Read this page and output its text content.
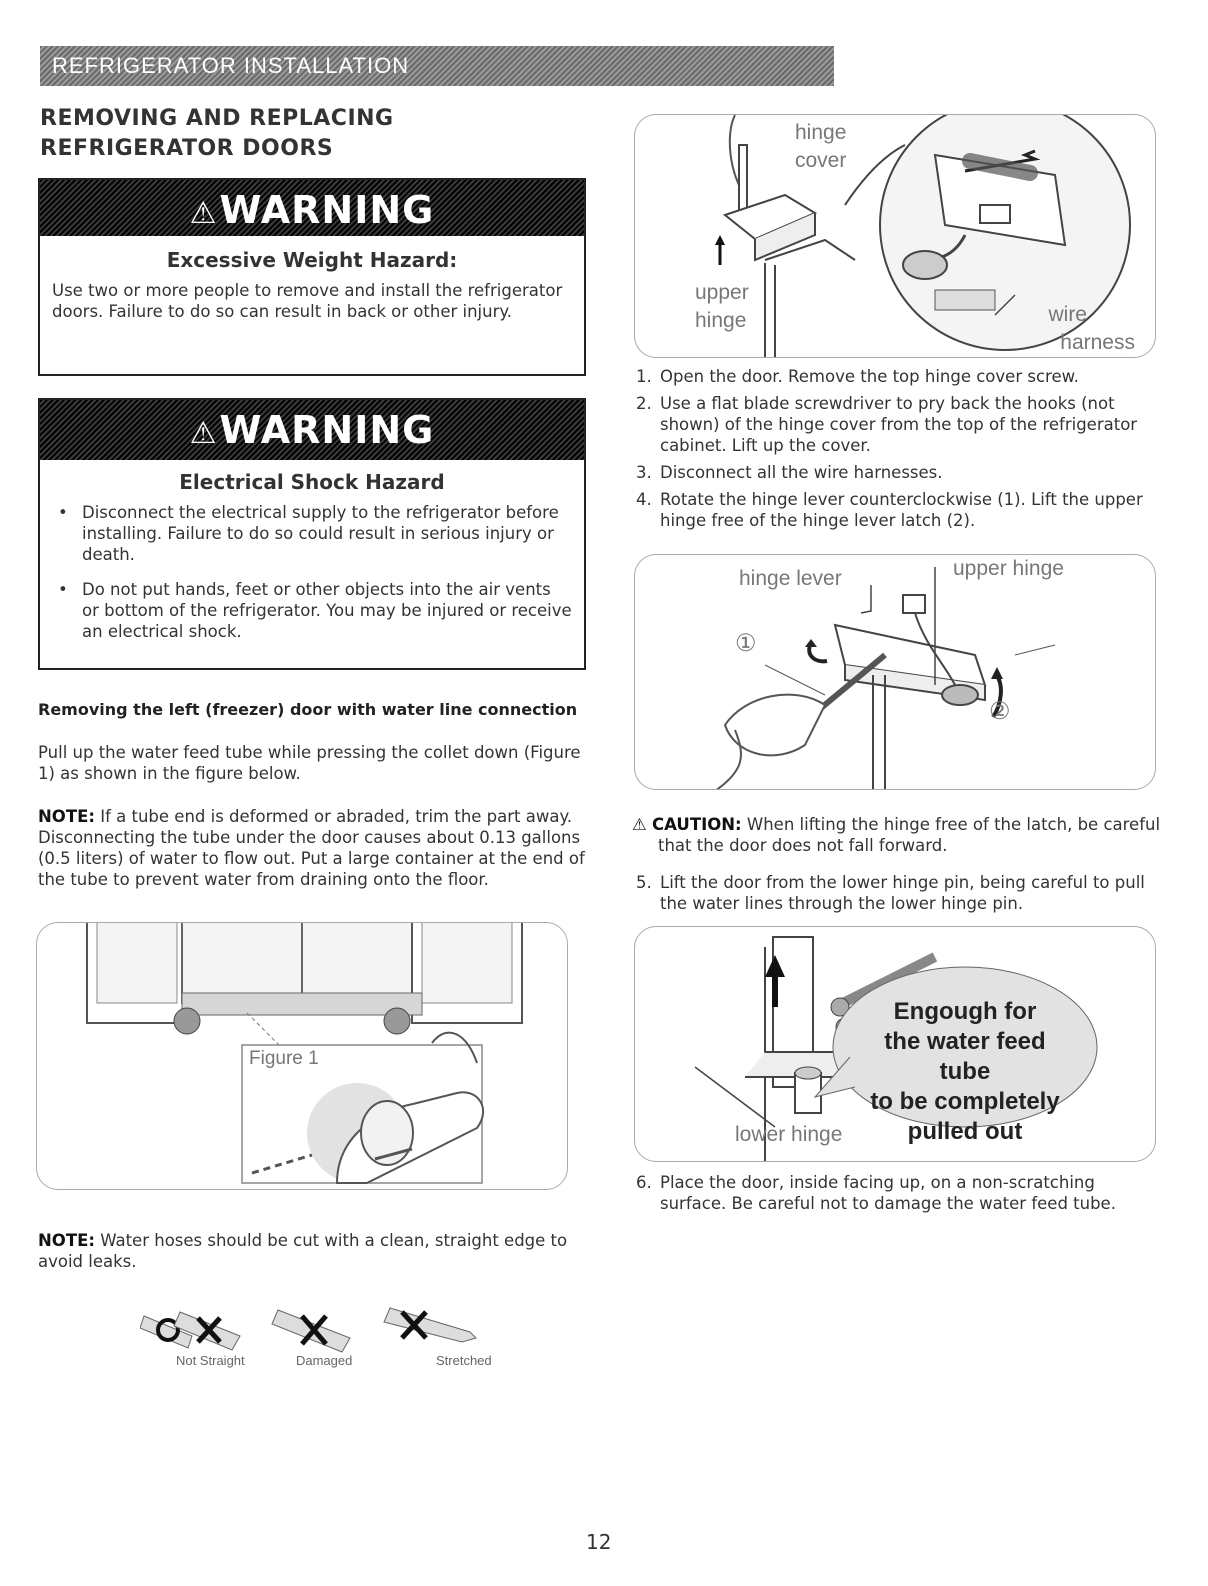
REFRIGERATOR INSTALLATION
REMOVING AND REPLACING
REFRIGERATOR DOORS
⚠WARNING
Excessive Weight Hazard:
Use two or more people to remove and install the refrigerator doors. Failure to do so can result in back or other injury.
⚠WARNING
Electrical Shock Hazard
• Disconnect the electrical supply to the refrigerator before installing. Failure to do so could result in serious injury or death.
• Do not put hands, feet or other objects into the air vents or bottom of the refrigerator. You may be injured or receive an electrical shock.
Removing the left (freezer) door with water line connection
Pull up the water feed tube while pressing the collet down (Figure 1) as shown in the figure below.
NOTE: If a tube end is deformed or abraded, trim the part away. Disconnecting the tube under the door causes about 0.13 gallons (0.5 liters) of water to flow out. Put a large container at the end of the tube to prevent water from draining onto the floor.
Figure 1
NOTE: Water hoses should be cut with a clean, straight edge to avoid leaks.
Not Straight	Damaged	Stretched
hinge
cover
upper
hinge	wire
harness
1. Open the door. Remove the top hinge cover screw.
2. Use a flat blade screwdriver to pry back the hooks (not shown) of the hinge cover from the top of the refrigerator cabinet. Lift up the cover.
3. Disconnect all the wire harnesses.
4. Rotate the hinge lever counterclockwise (1). Lift the upper hinge free of the hinge lever latch (2).
hinge lever	upper hinge
①
②
⚠ CAUTION: When lifting the hinge free of the latch, be careful that the door does not fall forward.
5. Lift the door from the lower hinge pin, being careful to pull the water lines through the lower hinge pin.
Engough for
the water feed tube
to be completely
pulled out
lower hinge
6. Place the door, inside facing up, on a non-scratching surface. Be careful not to damage the water feed tube.
12
